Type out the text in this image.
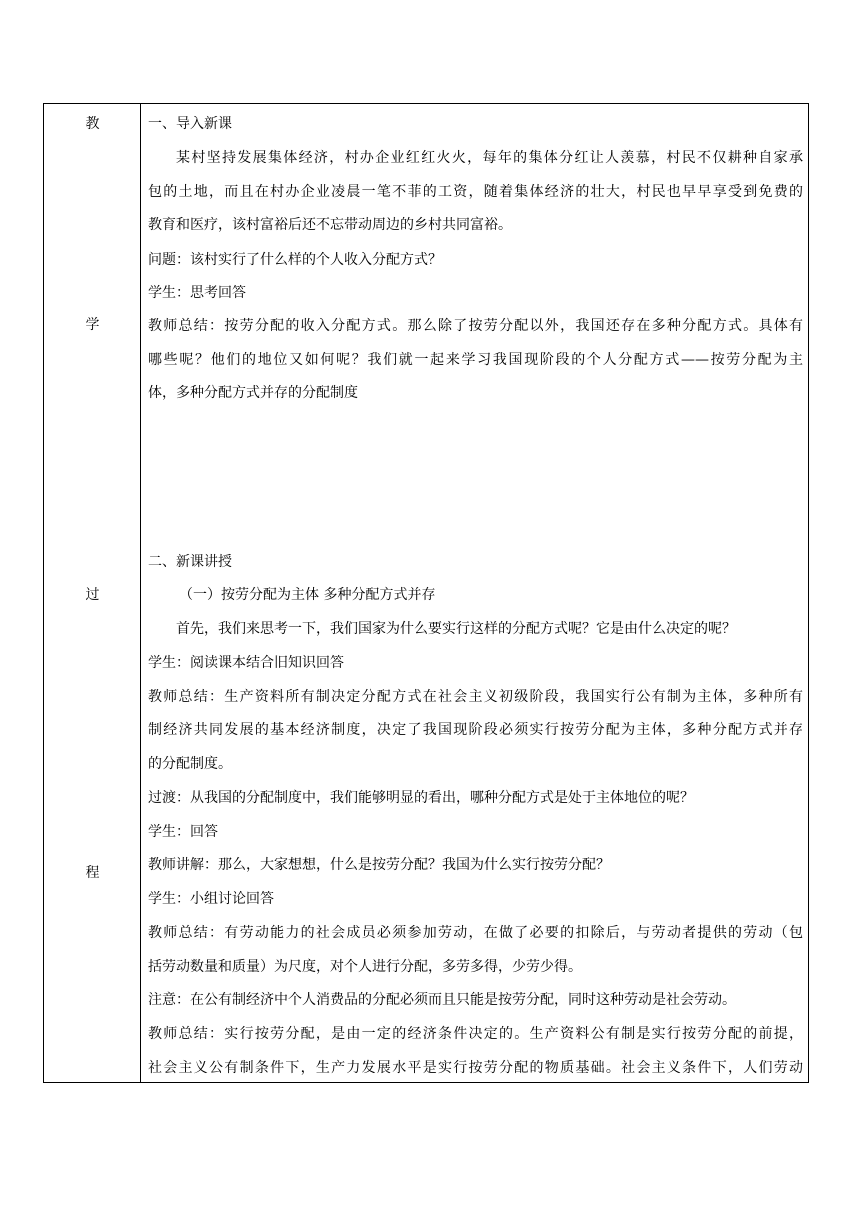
教
学
过
程
一、导入新课
某村坚持发展集体经济，村办企业红红火火，每年的集体分红让人羡慕，村民不仅耕种自家承
包的土地，而且在村办企业凌晨一笔不菲的工资，随着集体经济的壮大，村民也早早享受到免费的
教育和医疗，该村富裕后还不忘带动周边的乡村共同富裕。
问题：该村实行了什么样的个人收入分配方式？
学生：思考回答
教师总结：按劳分配的收入分配方式。那么除了按劳分配以外，我国还存在多种分配方式。具体有
哪些呢？他们的地位又如何呢？我们就一起来学习我国现阶段的个人分配方式——按劳分配为主
体，多种分配方式并存的分配制度
二、新课讲授
（一）按劳分配为主体 多种分配方式并存
首先，我们来思考一下，我们国家为什么要实行这样的分配方式呢？它是由什么决定的呢？
学生：阅读课本结合旧知识回答
教师总结：生产资料所有制决定分配方式在社会主义初级阶段，我国实行公有制为主体，多种所有
制经济共同发展的基本经济制度，决定了我国现阶段必须实行按劳分配为主体，多种分配方式并存
的分配制度。
过渡：从我国的分配制度中，我们能够明显的看出，哪种分配方式是处于主体地位的呢？
学生：回答
教师讲解：那么，大家想想，什么是按劳分配？我国为什么实行按劳分配？
学生：小组讨论回答
教师总结：有劳动能力的社会成员必须参加劳动，在做了必要的扣除后，与劳动者提供的劳动（包
括劳动数量和质量）为尺度，对个人进行分配，多劳多得，少劳少得。
注意：在公有制经济中个人消费品的分配必须而且只能是按劳分配，同时这种劳动是社会劳动。
教师总结：实行按劳分配，是由一定的经济条件决定的。生产资料公有制是实行按劳分配的前提，
社会主义公有制条件下，生产力发展水平是实行按劳分配的物质基础。社会主义条件下，人们劳动
